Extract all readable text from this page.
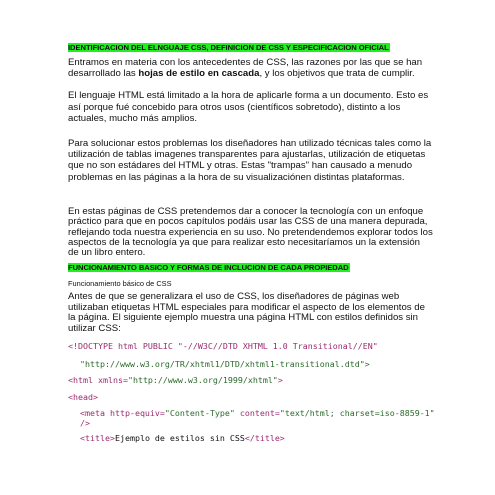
IDENTIFICACION DEL ELNGUAJE CSS, DEFINICION DE CSS Y ESPECIFICACION OFICIAL

Entramos en materia con los antecedentes de CSS, las razones por las que se han desarrollado las hojas de estilo en cascada, y los objetivos que trata de cumplir.

El lenguaje HTML está limitado a la hora de aplicarle forma a un documento. Esto es así porque fué concebido para otros usos (científicos sobretodo), distinto a los actuales, mucho más amplios.

Para solucionar estos problemas los diseñadores han utilizado técnicas tales como la utilización de tablas imagenes transparentes para ajustarlas, utilización de etiquetas que no son estádares del HTML y otras. Estas "trampas" han causado a menudo problemas en las páginas a la hora de su visualizaciónen distintas plataformas.

En estas páginas de CSS pretendemos dar a conocer la tecnología con un enfoque práctico para que en pocos capítulos podáis usar las CSS de una manera depurada, reflejando toda nuestra experiencia en su uso. No pretendendemos explorar todos los aspectos de la tecnología ya que para realizar esto necesitaríamos un la extensión de un libro entero.

FUNCIONAMIENTO BASICO Y FORMAS DE INCLUCION DE CADA PROPIEDAD
Funcionamiento básico de CSS

Antes de que se generalizara el uso de CSS, los diseñadores de páginas web utilizaban etiquetas HTML especiales para modificar el aspecto de los elementos de la página. El siguiente ejemplo muestra una página HTML con estilos definidos sin utilizar CSS:

<!DOCTYPE html PUBLIC "-//W3C//DTD XHTML 1.0 Transitional//EN"
"http://www.w3.org/TR/xhtml1/DTD/xhtml1-transitional.dtd">
<html xmlns="http://www.w3.org/1999/xhtml">
<head>
<meta http-equiv="Content-Type" content="text/html; charset=iso-8859-1" />
<title>Ejemplo de estilos sin CSS</title>
